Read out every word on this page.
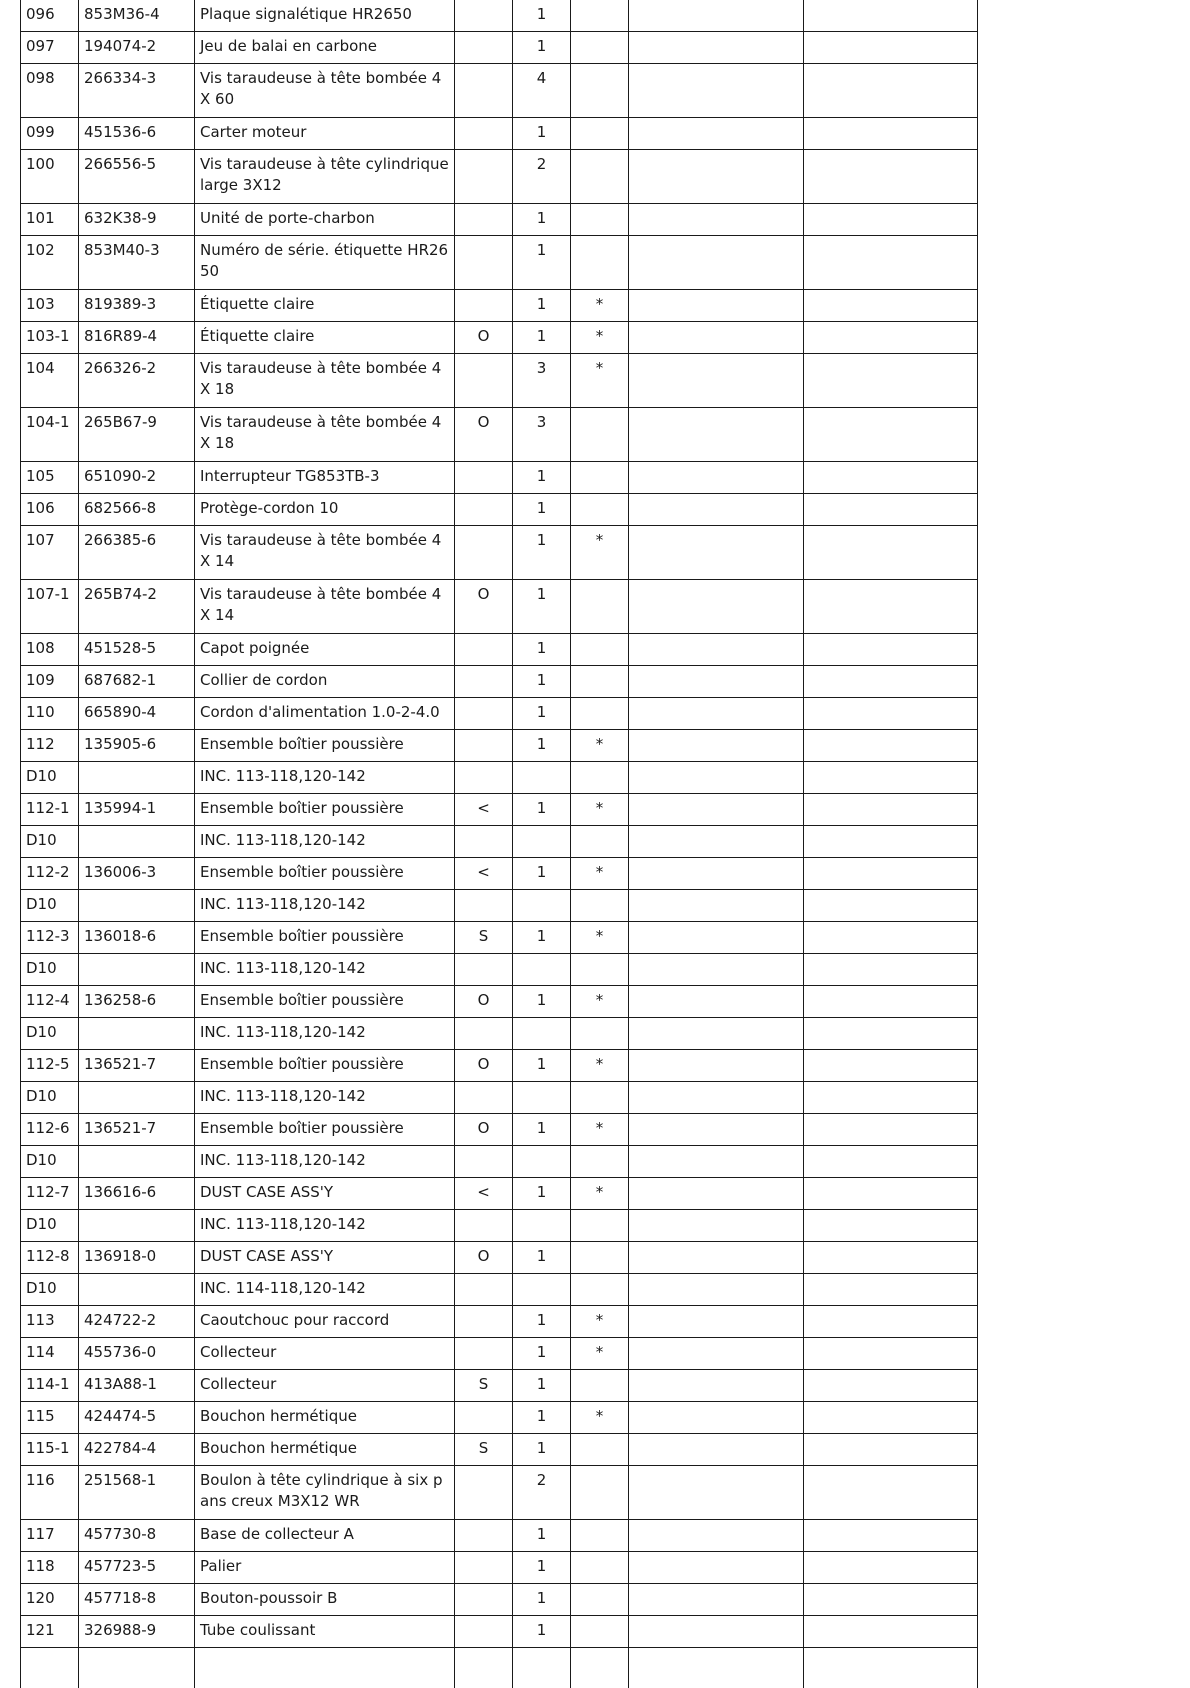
096	853M36-4	Plaque signalétique HR2650		1			
097	194074-2	Jeu de balai en carbone		1			
098	266334-3	Vis taraudeuse à tête bombée 4X 60		4			
099	451536-6	Carter moteur		1			
100	266556-5	Vis taraudeuse à tête cylindrique large 3X12		2			
101	632K38-9	Unité de porte-charbon		1			
102	853M40-3	Numéro de série. étiquette HR26 50		1			
103	819389-3	Étiquette claire		1	*		
103-1	816R89-4	Étiquette claire	O	1	*		
104	266326-2	Vis taraudeuse à tête bombée 4X 18		3	*		
104-1	265B67-9	Vis taraudeuse à tête bombée 4X 18	O	3			
105	651090-2	Interrupteur TG853TB-3		1			
106	682566-8	Protège-cordon 10		1			
107	266385-6	Vis taraudeuse à tête bombée 4X 14		1	*		
107-1	265B74-2	Vis taraudeuse à tête bombée 4X 14	O	1			
108	451528-5	Capot poignée		1			
109	687682-1	Collier de cordon		1			
110	665890-4	Cordon d'alimentation 1.0-2-4.0		1			
112	135905-6	Ensemble boîtier poussière		1	*		
D10		INC. 113-118,120-142					
112-1	135994-1	Ensemble boîtier poussière	<	1	*		
D10		INC. 113-118,120-142					
112-2	136006-3	Ensemble boîtier poussière	<	1	*		
D10		INC. 113-118,120-142					
112-3	136018-6	Ensemble boîtier poussière	S	1	*		
D10		INC. 113-118,120-142					
112-4	136258-6	Ensemble boîtier poussière	O	1	*		
D10		INC. 113-118,120-142					
112-5	136521-7	Ensemble boîtier poussière	O	1	*		
D10		INC. 113-118,120-142					
112-6	136521-7	Ensemble boîtier poussière	O	1	*		
D10		INC. 113-118,120-142					
112-7	136616-6	DUST CASE ASS'Y	<	1	*		
D10		INC. 113-118,120-142					
112-8	136918-0	DUST CASE ASS'Y	O	1			
D10		INC. 114-118,120-142					
113	424722-2	Caoutchouc pour raccord		1	*		
114	455736-0	Collecteur		1	*		
114-1	413A88-1	Collecteur	S	1			
115	424474-5	Bouchon hermétique		1	*		
115-1	422784-4	Bouchon hermétique	S	1			
116	251568-1	Boulon à tête cylindrique à six pans creux M3X12 WR		2			
117	457730-8	Base de collecteur A		1			
118	457723-5	Palier		1			
120	457718-8	Bouton-poussoir B		1			
121	326988-9	Tube coulissant		1			
